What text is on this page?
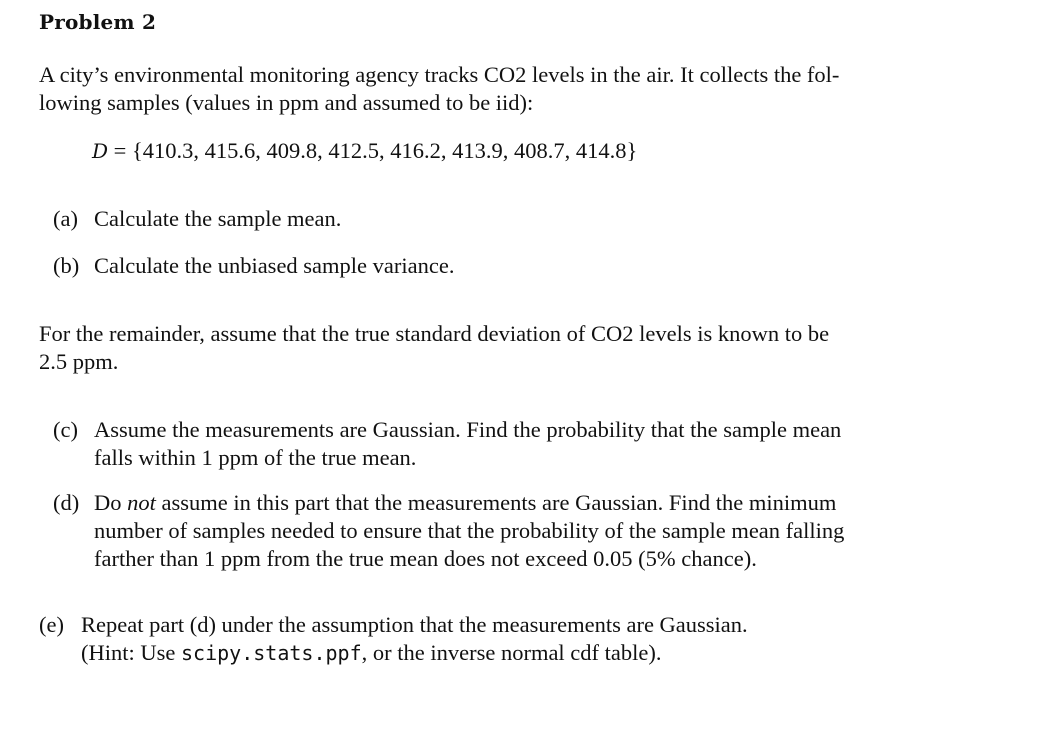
Problem 2

A city’s environmental monitoring agency tracks CO2 levels in the air. It collects the fol-
lowing samples (values in ppm and assumed to be iid):

D = {410.3, 415.6, 409.8, 412.5, 416.2, 413.9, 408.7, 414.8}
(a) Calculate the sample mean.
(b) Calculate the unbiased sample variance.

For the remainder, assume that the true standard deviation of CO2 levels is known to be
2.5 ppm.

(c) Assume the measurements are Gaussian. Find the probability that the sample mean
falls within 1 ppm of the true mean.
(d) Do not assume in this part that the measurements are Gaussian. Find the minimum
number of samples needed to ensure that the probability of the sample mean falling
farther than 1 ppm from the true mean does not exceed 0.05 (5% chance).
(e) Repeat part (d) under the assumption that the measurements are Gaussian.
(Hint: Use scipy.stats.ppf, or the inverse normal cdf table).
